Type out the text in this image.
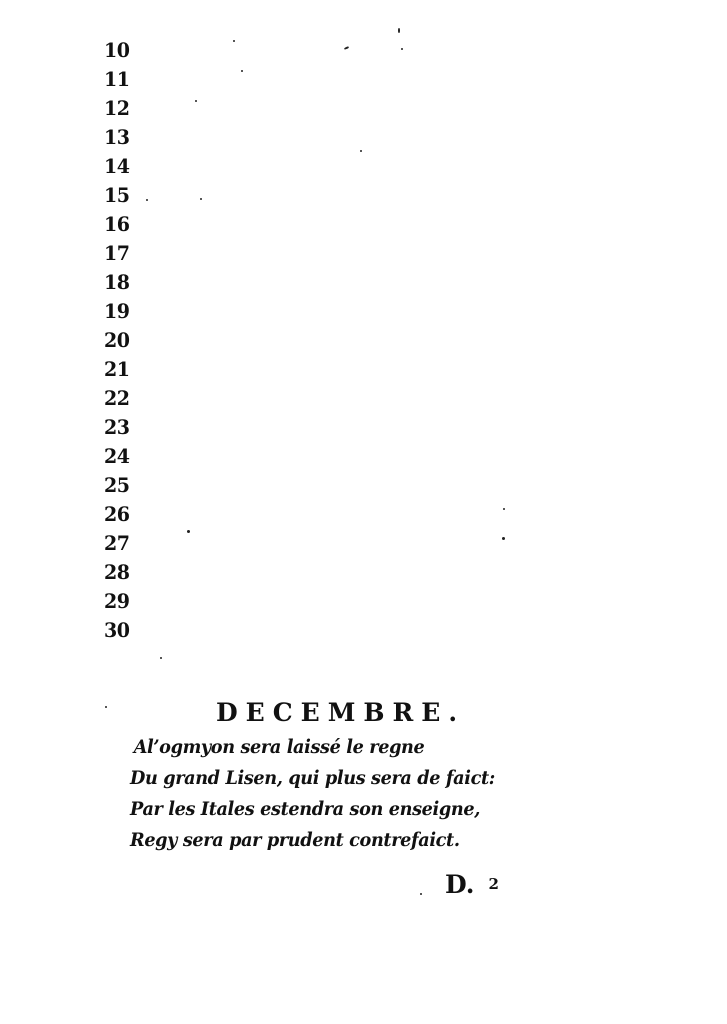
10
11
12
13
14
15
16
17
18
19
20
21
22
23
24
25
26
27
28
29
30
DECEMBRE.
Al’ogmyon sera laissé le regne
Du grand Lisen, qui plus sera de faict:
Par les Itales estendra son enseigne,
Regy sera par prudent contrefaict.
D. 2
